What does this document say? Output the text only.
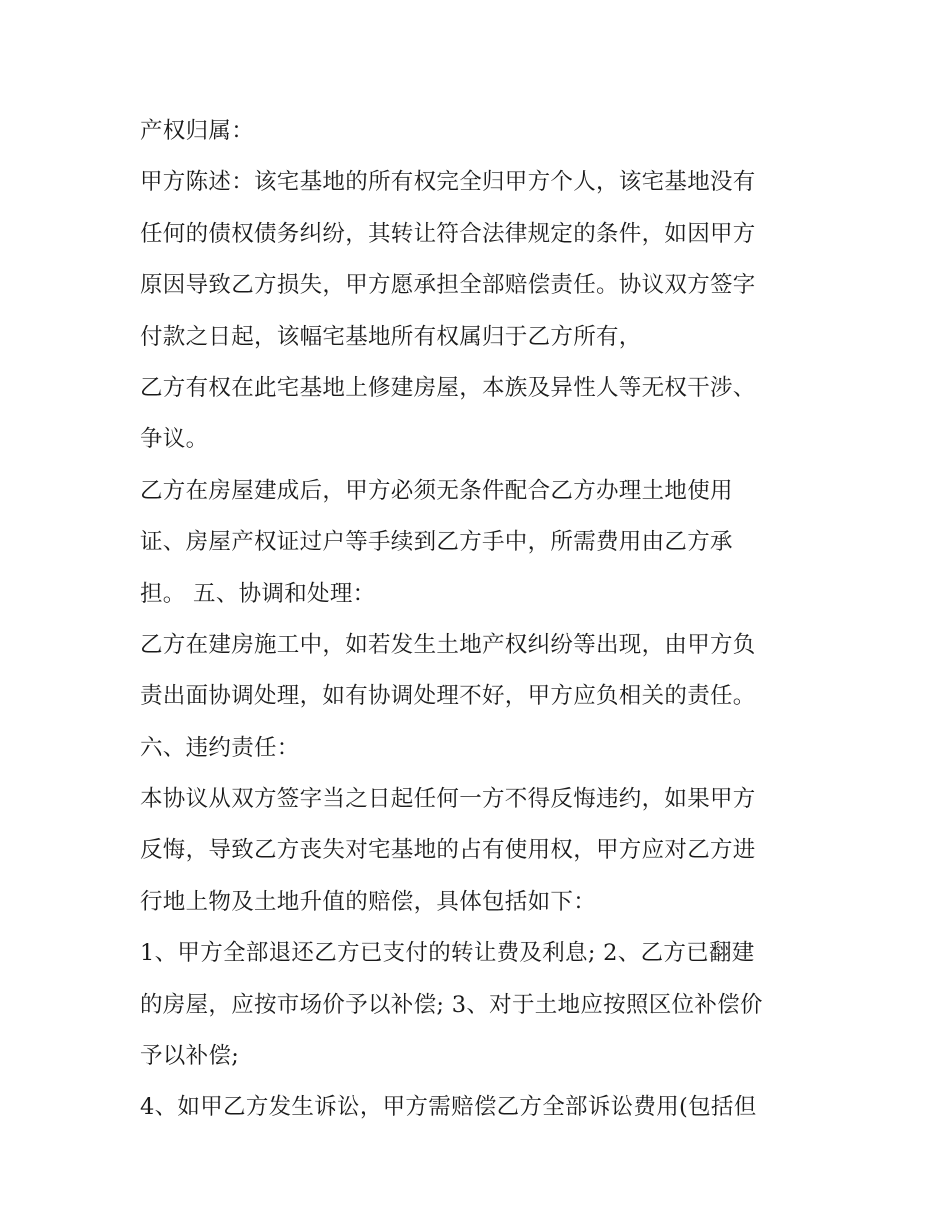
产权归属：
甲方陈述：该宅基地的所有权完全归甲方个人，该宅基地没有
任何的债权债务纠纷，其转让符合法律规定的条件，如因甲方
原因导致乙方损失，甲方愿承担全部赔偿责任。协议双方签字
付款之日起，该幅宅基地所有权属归于乙方所有，
乙方有权在此宅基地上修建房屋，本族及异性人等无权干涉、
争议。
乙方在房屋建成后，甲方必须无条件配合乙方办理土地使用
证、房屋产权证过户等手续到乙方手中，所需费用由乙方承
担。 五、协调和处理：
乙方在建房施工中，如若发生土地产权纠纷等出现，由甲方负
责出面协调处理，如有协调处理不好，甲方应负相关的责任。
六、违约责任：
本协议从双方签字当之日起任何一方不得反悔违约，如果甲方
反悔，导致乙方丧失对宅基地的占有使用权，甲方应对乙方进
行地上物及土地升值的赔偿，具体包括如下：
1、甲方全部退还乙方已支付的转让费及利息; 2、乙方已翻建
的房屋，应按市场价予以补偿; 3、对于土地应按照区位补偿价
予以补偿;
4、如甲乙方发生诉讼，甲方需赔偿乙方全部诉讼费用(包括但
